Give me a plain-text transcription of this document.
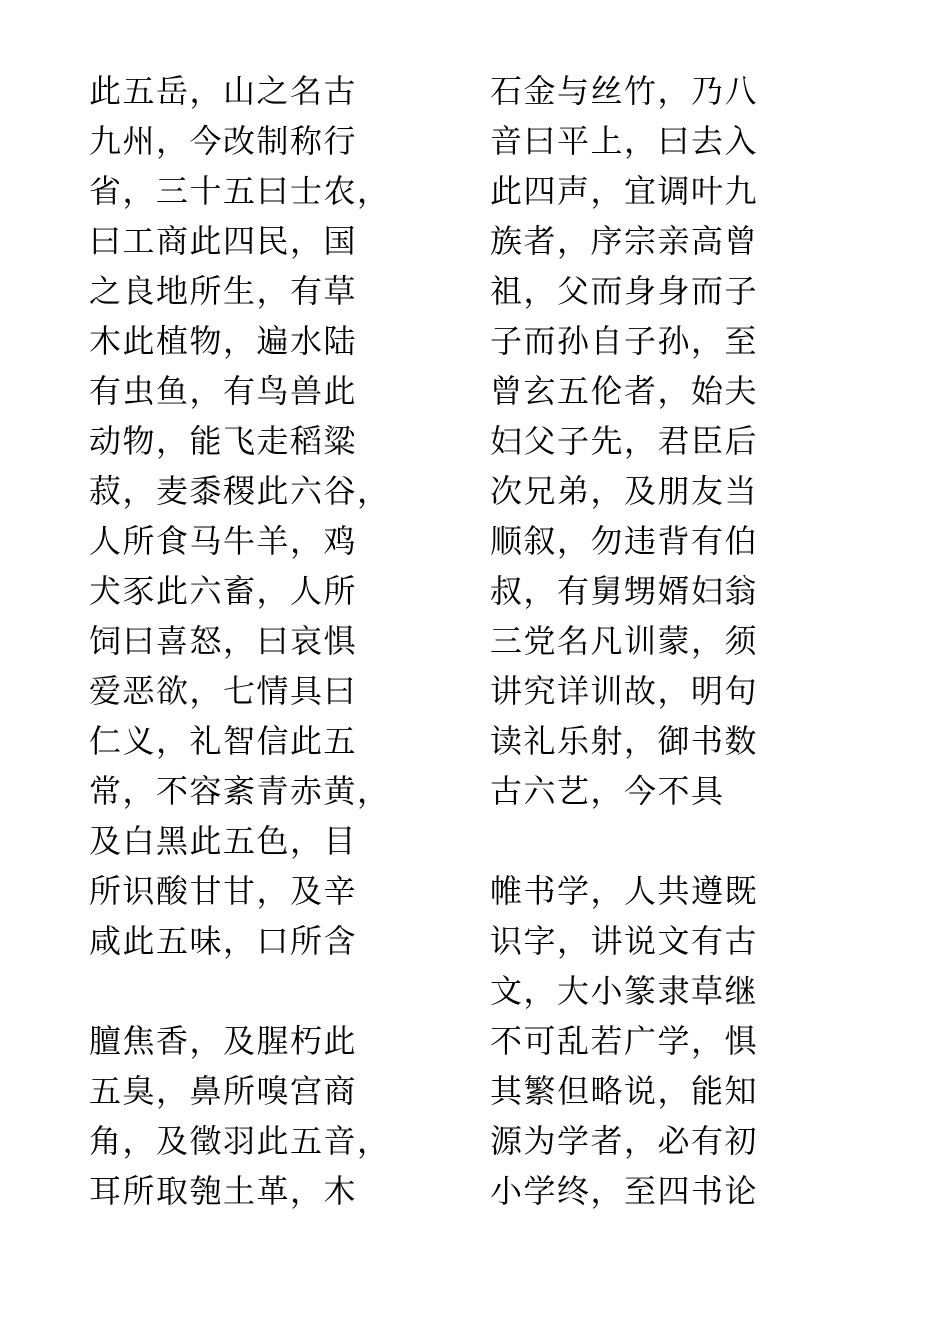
此五岳，山之名古
九州，今改制称行
省，三十五曰士农，
曰工商此四民，国
之良地所生，有草
木此植物，遍水陆
有虫鱼，有鸟兽此
动物，能飞走稻粱
菽，麦黍稷此六谷，
人所食马牛羊，鸡
犬豕此六畜，人所
饲曰喜怒，曰哀惧
爱恶欲，七情具曰
仁义，礼智信此五
常，不容紊青赤黄，
及白黑此五色，目
所识酸甘甘，及辛
咸此五味，口所含
膻焦香，及腥朽此
五臭，鼻所嗅宫商
角，及徵羽此五音，
耳所取匏土革，木
石金与丝竹，乃八
音曰平上，曰去入
此四声，宜调叶九
族者，序宗亲高曾
祖，父而身身而子
子而孙自子孙，至
曾玄五伦者，始夫
妇父子先，君臣后
次兄弟，及朋友当
顺叙，勿违背有伯
叔，有舅甥婿妇翁
三党名凡训蒙，须
讲究详训故，明句
读礼乐射，御书数
古六艺，今不具
帷书学，人共遵既
识字，讲说文有古
文，大小篆隶草继
不可乱若广学，惧
其繁但略说，能知
源为学者，必有初
小学终，至四书论
